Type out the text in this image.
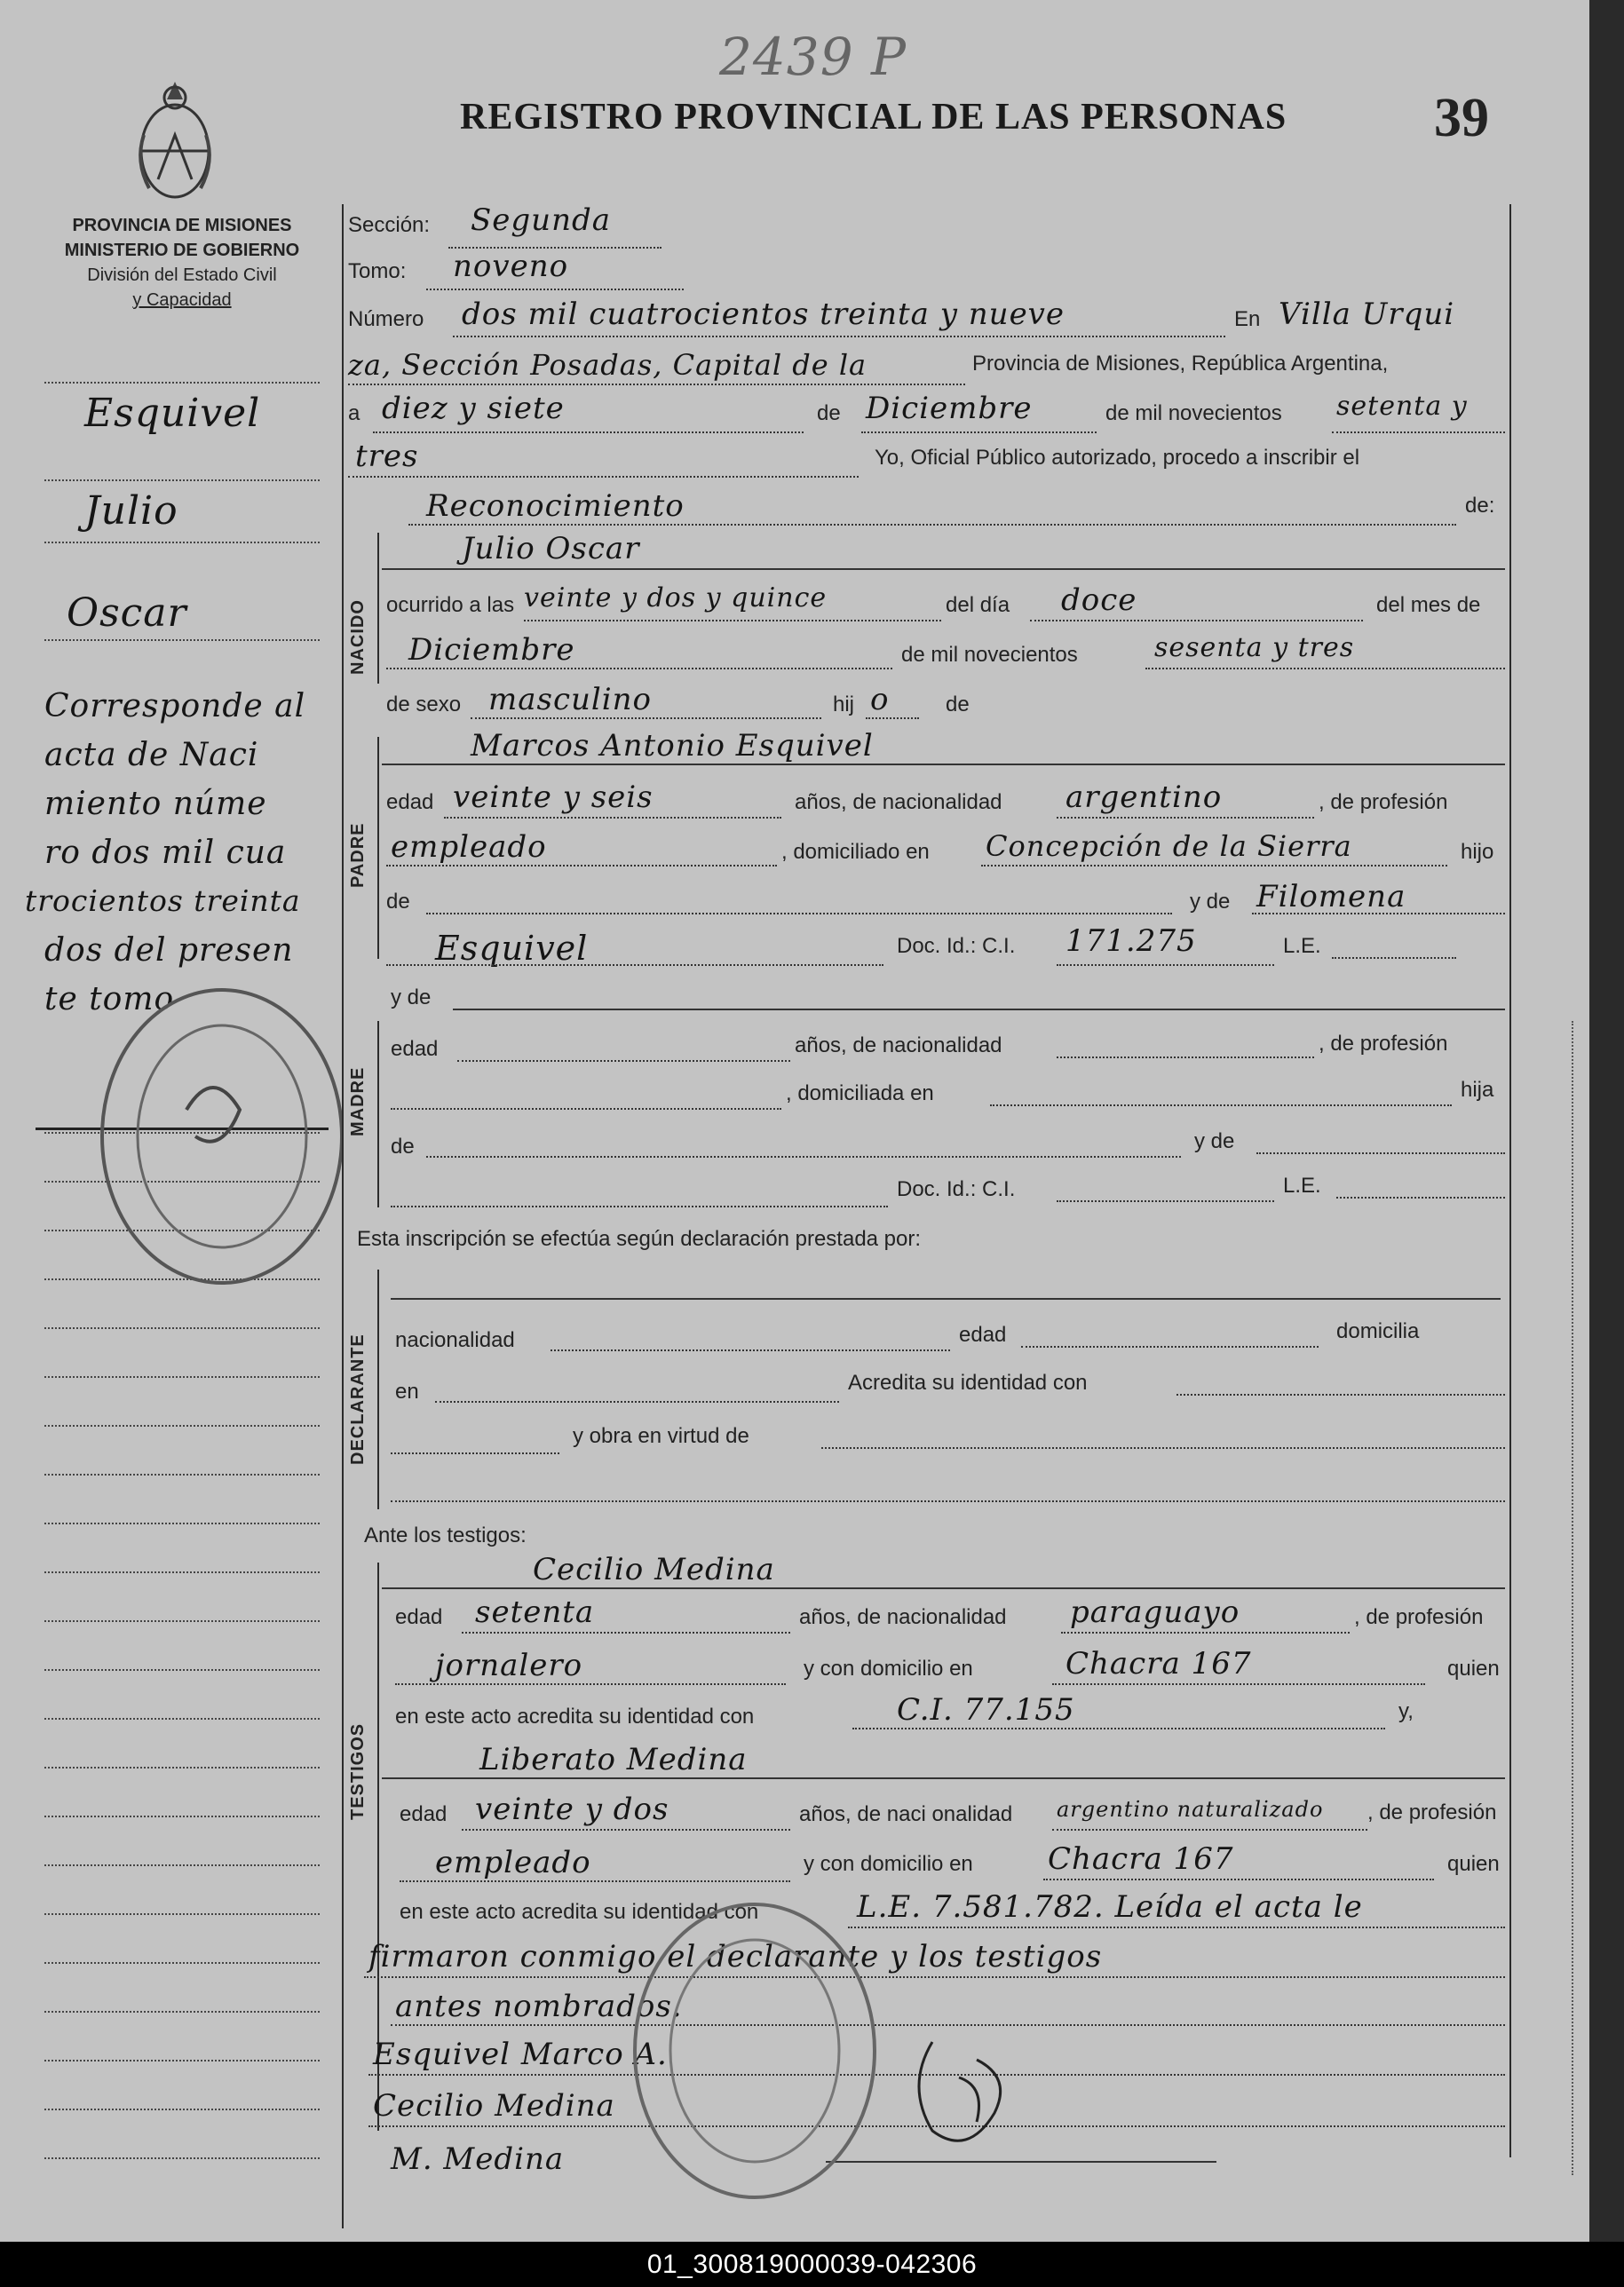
2439 P
PROVINCIA DE MISIONES
MINISTERIO DE GOBIERNO
División del Estado Civil
y Capacidad
REGISTRO PROVINCIAL DE LAS PERSONAS	39
Esquivel
Julio
Oscar
Corresponde al
acta de Naci
miento núme
ro dos mil cua
trocientos treinta
dos del presen
te tomo
Sección: Segunda
Tomo: noveno
Número dos mil cuatrocientos treinta y nueve	En Villa Urqui
za, Sección Posadas, Capital de la	Provincia de Misiones, República Argentina,
a diez y siete	de Diciembre	de mil novecientos setenta y
tres	Yo, Oficial Público autorizado, procedo a inscribir el
Reconocimiento	de:
NACIDO
Julio Oscar
ocurrido a las veinte y dos y quince	del día doce	del mes de
Diciembre	de mil novecientos	sesenta y tres
de sexo masculino	hij o	de
PADRE
Marcos Antonio Esquivel
edad veinte y seis	años, de nacionalidad argentino	, de profesión
empleado	, domiciliado en Concepción de la Sierra	hijo
de	y de Filomena
Esquivel	Doc. Id.: C.I. 171.275	L.E.
y de
MADRE
edad	años, de nacionalidad	, de profesión
, domiciliada en	hija
de	y de
Doc. Id.: C.I.	L.E.
Esta inscripción se efectúa según declaración prestada por:
DECLARANTE nacionalidad	edad	domicilia
en	Acredita su identidad con
y obra en virtud de
Ante los testigos:
TESTIGOS
Cecilio Medina
edad setenta	años, de nacionalidad paraguayo	, de profesión
jornalero	y con domicilio en	Chacra 167	quien
en este acto acredita su identidad con	C.I. 77.155	y,
Liberato Medina
edad veinte y dos	años, de naci onalidad argentino naturalizado , de profesión
empleado	y con domicilio en Chacra 167	quien
en este acto acredita su identidad con	L.E. 7.581.782. Leída el acta le
firmaron conmigo el declarante y los testigos
antes nombrados.
Esquivel Marco A.
Cecilio Medina
M. Medina
01_300819000039-042306
